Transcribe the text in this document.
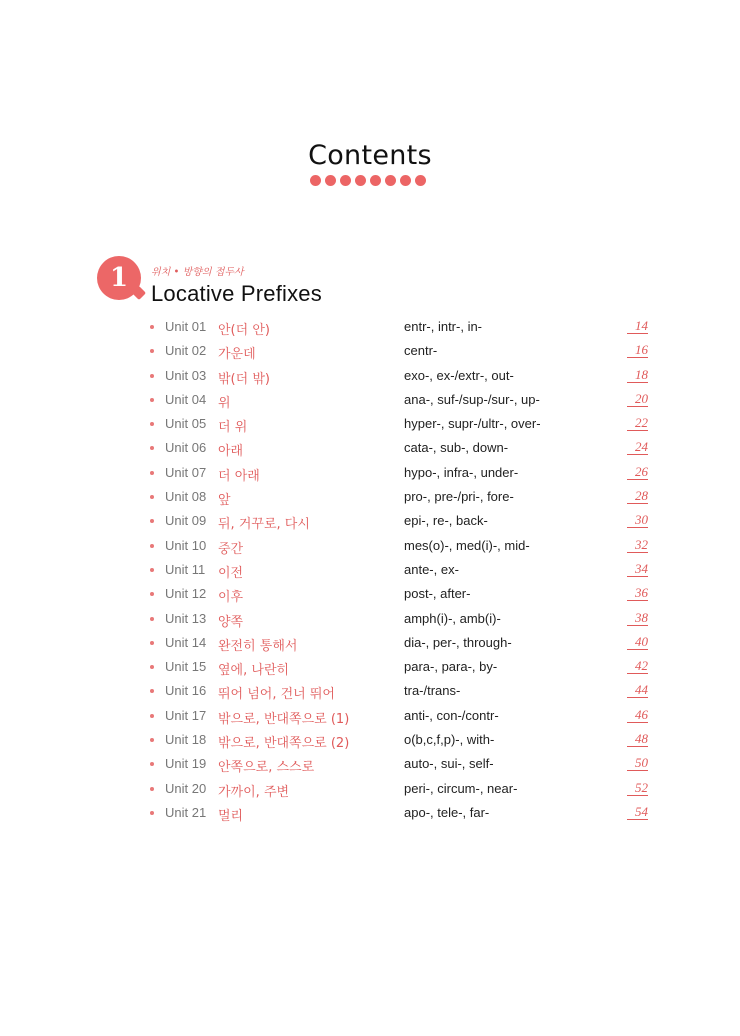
Contents
1	위치 • 방향의 접두사
Locative Prefixes
Unit 01 안(더 안)	entr-, intr-, in-	14
Unit 02 가운데	centr-	16
Unit 03 밖(더 밖)	exo-, ex-/extr-, out-	18
Unit 04 위	ana-, suf-/sup-/sur-, up-	20
Unit 05 더 위	hyper-, supr-/ultr-, over-	22
Unit 06 아래	cata-, sub-, down-	24
Unit 07 더 아래	hypo-, infra-, under-	26
Unit 08 앞	pro-, pre-/pri-, fore-	28
Unit 09 뒤, 거꾸로, 다시	epi-, re-, back-	30
Unit 10 중간	mes(o)-, med(i)-, mid-	32
Unit 11 이전	ante-, ex-	34
Unit 12 이후	post-, after-	36
Unit 13 양쪽	amph(i)-, amb(i)-	38
Unit 14 완전히 통해서	dia-, per-, through-	40
Unit 15 옆에, 나란히	para-, para-, by-	42
Unit 16 뛰어 넘어, 건너 뛰어	tra-/trans-	44
Unit 17 밖으로, 반대쪽으로 (1)	anti-, con-/contr-	46
Unit 18 밖으로, 반대쪽으로 (2)	o(b,c,f,p)-, with-	48
Unit 19 안쪽으로, 스스로	auto-, sui-, self-	50
Unit 20 가까이, 주변	peri-, circum-, near-	52
Unit 21 멀리	apo-, tele-, far-	54
